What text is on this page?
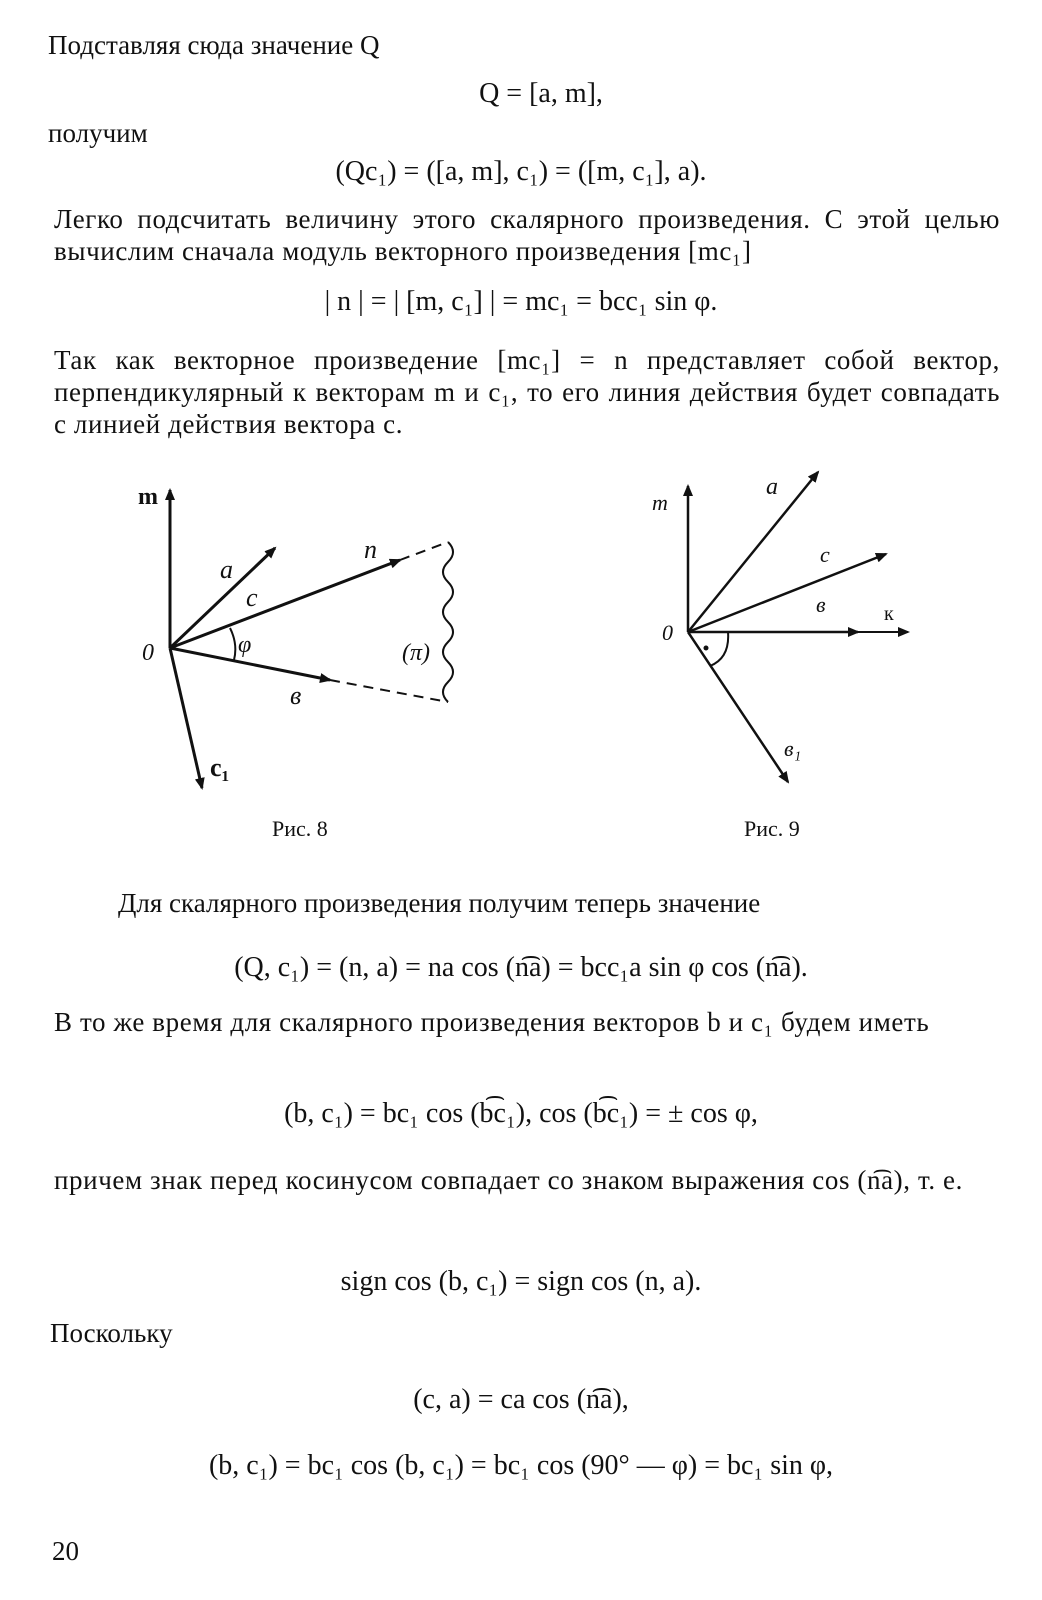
Подставляя сюда значение Q
Q = [a, m],
получим
(Qc₁) = ([a, m], c₁) = ([m, c₁], a).
Легко подсчитать величину этого скалярного произведения. С этой целью вычислим сначала модуль векторного произведения [mc₁]
| n | = | [m, c₁] | = mc₁ = bcc₁ sin φ.
Так как векторное произведение [mc₁] = n представляет собой вектор, перпендикулярный к векторам m и c₁, то его линия действия будет совпадать с линией действия вектора c.
m
a
c
n
0	φ	(π)
в
c₁
Рис. 8
m
a
c
в	к
0
в₁
Рис. 9
Для скалярного произведения получим теперь значение
(Q, c₁) = (n, a) = na cos (n͡a) = bcc₁a sin φ cos (n͡a).
В то же время для скалярного произведения векторов b и c₁ будем иметь
(b, c₁) = bc₁ cos (b͡c₁), cos (b͡c₁) = ± cos φ,
причем знак перед косинусом совпадает со знаком выражения cos (n͡a), т. е.
sign cos (b, c₁) = sign cos (n, a).
Поскольку
(c, a) = ca cos (n͡a),
(b, c₁) = bc₁ cos (b, c₁) = bc₁ cos (90° — φ) = bc₁ sin φ,
20
